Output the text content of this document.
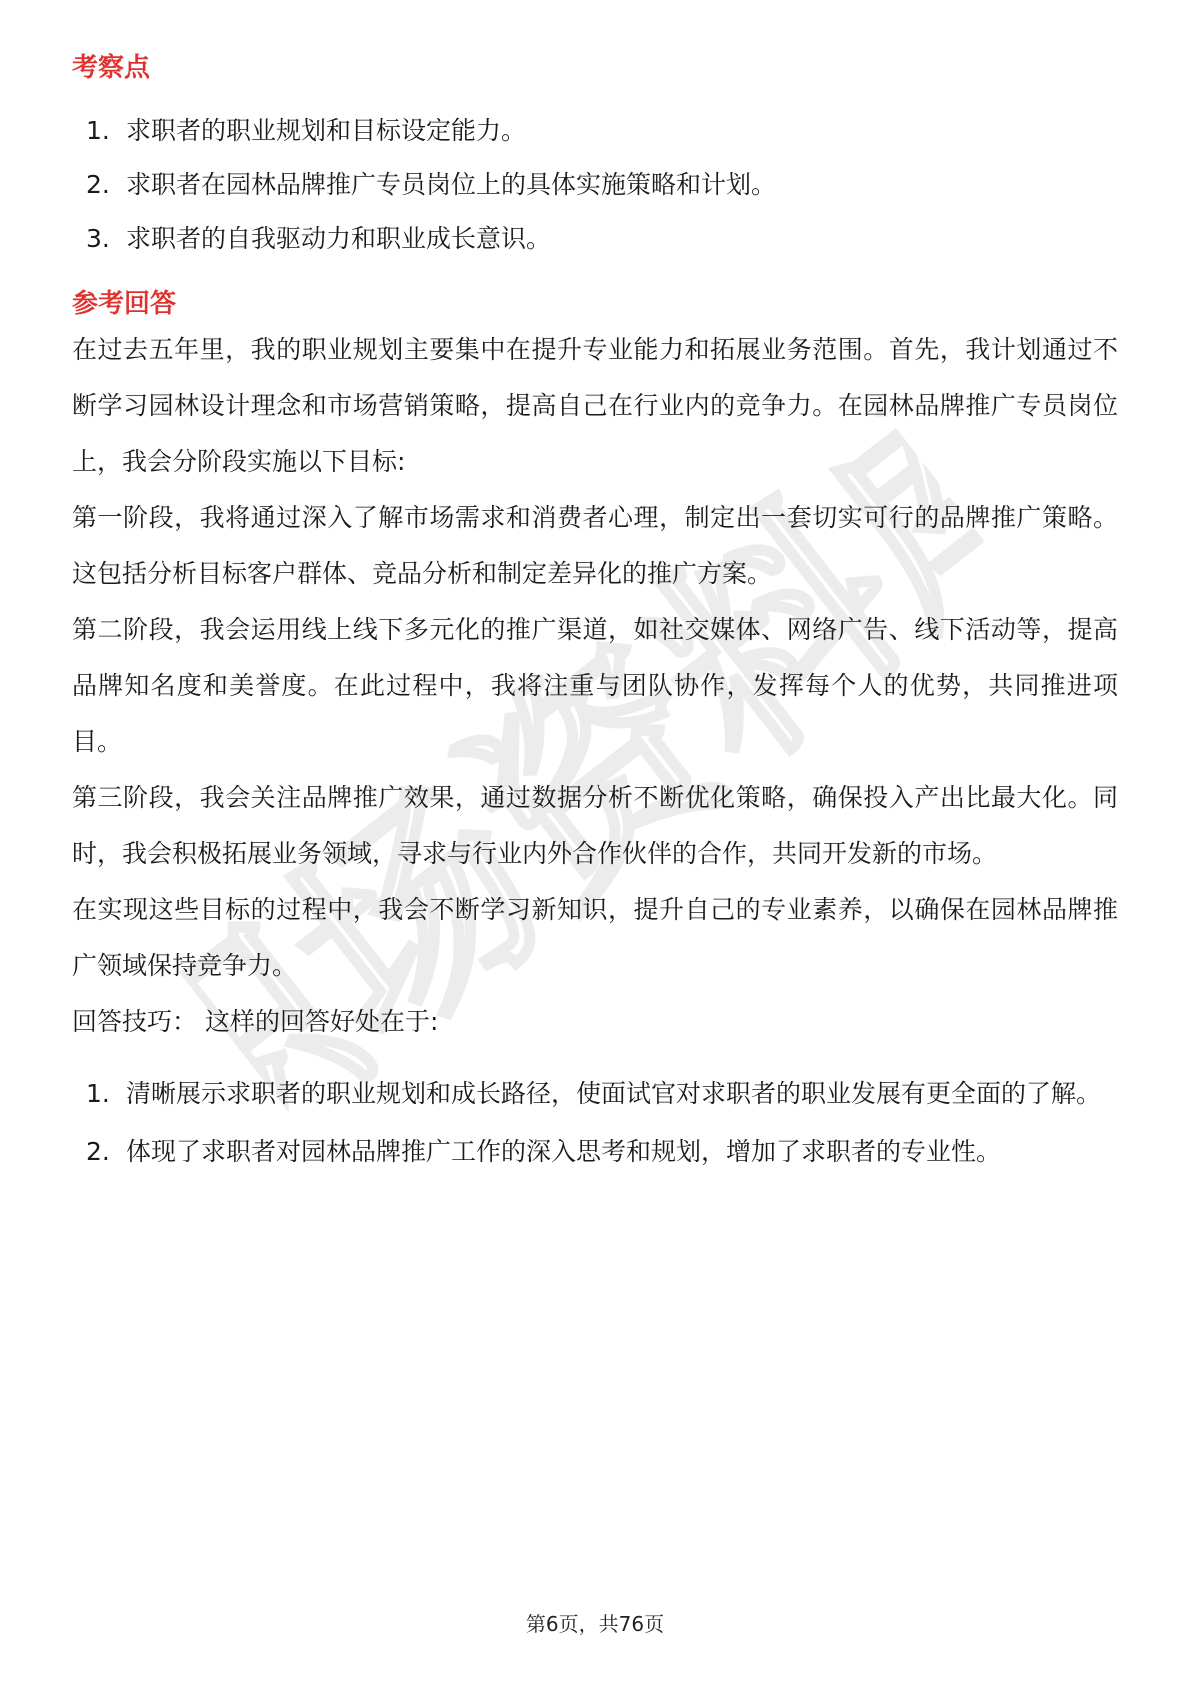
职场资料库
考察点
1. 求职者的职业规划和目标设定能力。
2. 求职者在园林品牌推广专员岗位上的具体实施策略和计划。
3. 求职者的自我驱动力和职业成长意识。
参考回答

在过去五年里，我的职业规划主要集中在提升专业能力和拓展业务范围。首先，我计划通过不断学习园林设计理念和市场营销策略，提高自己在行业内的竞争力。在园林品牌推广专员岗位上，我会分阶段实施以下目标:

第一阶段，我将通过深入了解市场需求和消费者心理，制定出一套切实可行的品牌推广策略。这包括分析目标客户群体、竞品分析和制定差异化的推广方案。

第二阶段，我会运用线上线下多元化的推广渠道，如社交媒体、网络广告、线下活动等，提高品牌知名度和美誉度。在此过程中，我将注重与团队协作，发挥每个人的优势，共同推进项目。

第三阶段，我会关注品牌推广效果，通过数据分析不断优化策略，确保投入产出比最大化。同时，我会积极拓展业务领域，寻求与行业内外合作伙伴的合作，共同开发新的市场。

在实现这些目标的过程中，我会不断学习新知识，提升自己的专业素养，以确保在园林品牌推广领域保持竞争力。

回答技巧： 这样的回答好处在于:

1. 清晰展示求职者的职业规划和成长路径，使面试官对求职者的职业发展有更全面的了解。
2. 体现了求职者对园林品牌推广工作的深入思考和规划，增加了求职者的专业性。
第6页，共76页
